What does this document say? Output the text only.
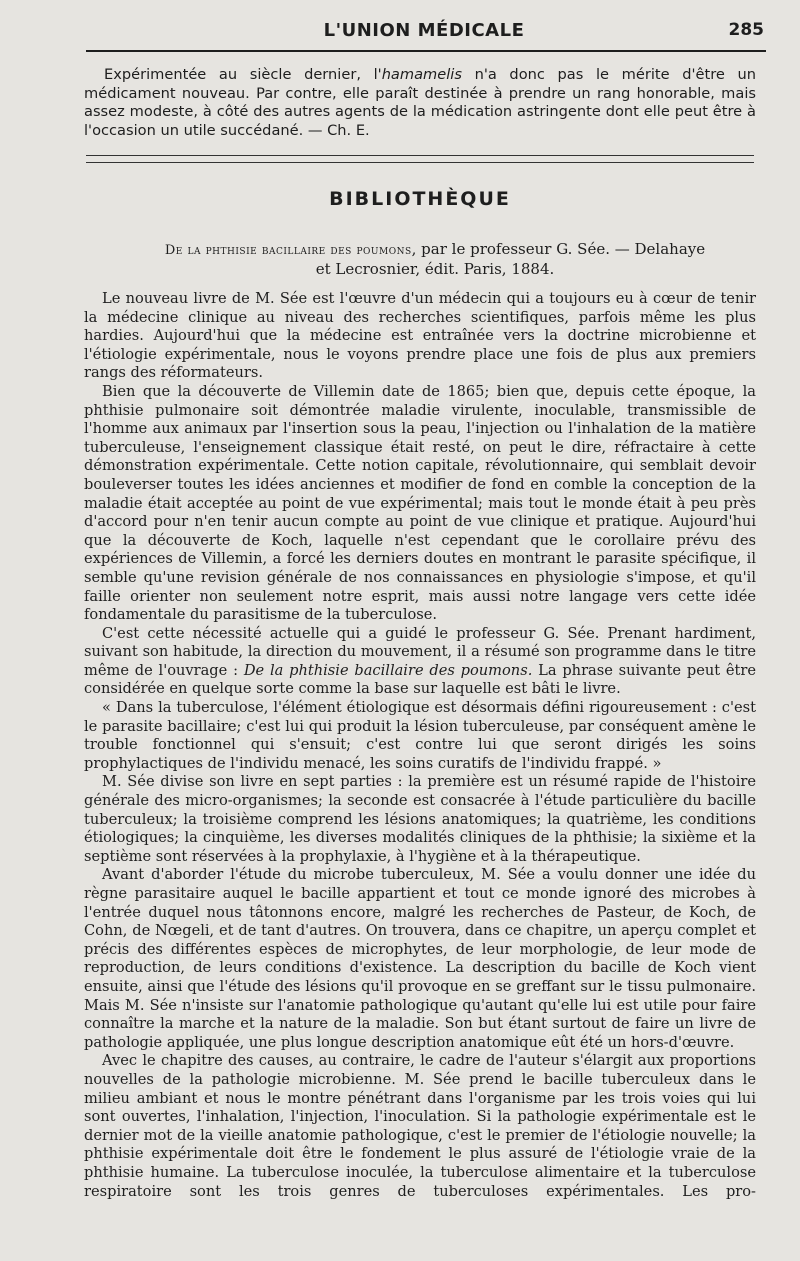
L'UNION MÉDICALE	285

Expérimentée au siècle dernier, l'hamamelis n'a donc pas le mérite d'être un médicament nouveau. Par contre, elle paraît destinée à prendre un rang honorable, mais assez modeste, à côté des autres agents de la médication astringente dont elle peut être à l'occasion un utile succédané. — Ch. E.

BIBLIOTHÈQUE
De la phthisie bacillaire des poumons, par le professeur G. Sée. — Delahaye
et Lecrosnier, édit. Paris, 1884.

Le nouveau livre de M. Sée est l'œuvre d'un médecin qui a toujours eu à cœur de tenir la médecine clinique au niveau des recherches scientifiques, parfois même les plus hardies. Aujourd'hui que la médecine est entraînée vers la doctrine microbienne et l'étiologie expérimentale, nous le voyons prendre place une fois de plus aux premiers rangs des réformateurs.

Bien que la découverte de Villemin date de 1865; bien que, depuis cette époque, la phthisie pulmonaire soit démontrée maladie virulente, inoculable, transmissible de l'homme aux animaux par l'insertion sous la peau, l'injection ou l'inhalation de la matière tuberculeuse, l'enseignement classique était resté, on peut le dire, réfractaire à cette démonstration expérimentale. Cette notion capitale, révolutionnaire, qui semblait devoir bouleverser toutes les idées anciennes et modifier de fond en comble la conception de la maladie était acceptée au point de vue expérimental; mais tout le monde était à peu près d'accord pour n'en tenir aucun compte au point de vue clinique et pratique. Aujourd'hui que la découverte de Koch, laquelle n'est cependant que le corollaire prévu des expériences de Villemin, a forcé les derniers doutes en montrant le parasite spécifique, il semble qu'une revision générale de nos connaissances en physiologie s'impose, et qu'il faille orienter non seulement notre esprit, mais aussi notre langage vers cette idée fondamentale du parasitisme de la tuberculose.

C'est cette nécessité actuelle qui a guidé le professeur G. Sée. Prenant hardiment, suivant son habitude, la direction du mouvement, il a résumé son programme dans le titre même de l'ouvrage : De la phthisie bacillaire des poumons. La phrase suivante peut être considérée en quelque sorte comme la base sur laquelle est bâti le livre.

« Dans la tuberculose, l'élément étiologique est désormais défini rigoureusement : c'est le parasite bacillaire; c'est lui qui produit la lésion tuberculeuse, par conséquent amène le trouble fonctionnel qui s'ensuit; c'est contre lui que seront dirigés les soins prophylactiques de l'individu menacé, les soins curatifs de l'individu frappé. »

M. Sée divise son livre en sept parties : la première est un résumé rapide de l'histoire générale des micro-organismes; la seconde est consacrée à l'étude particulière du bacille tuberculeux; la troisième comprend les lésions anatomiques; la quatrième, les conditions étiologiques; la cinquième, les diverses modalités cliniques de la phthisie; la sixième et la septième sont réservées à la prophylaxie, à l'hygiène et à la thérapeutique.

Avant d'aborder l'étude du microbe tuberculeux, M. Sée a voulu donner une idée du règne parasitaire auquel le bacille appartient et tout ce monde ignoré des microbes à l'entrée duquel nous tâtonnons encore, malgré les recherches de Pasteur, de Koch, de Cohn, de Nœgeli, et de tant d'autres. On trouvera, dans ce chapitre, un aperçu complet et précis des différentes espèces de microphytes, de leur morphologie, de leur mode de reproduction, de leurs conditions d'existence. La description du bacille de Koch vient ensuite, ainsi que l'étude des lésions qu'il provoque en se greffant sur le tissu pulmonaire. Mais M. Sée n'insiste sur l'anatomie pathologique qu'autant qu'elle lui est utile pour faire connaître la marche et la nature de la maladie. Son but étant surtout de faire un livre de pathologie appliquée, une plus longue description anatomique eût été un hors-d'œuvre.

Avec le chapitre des causes, au contraire, le cadre de l'auteur s'élargit aux proportions nouvelles de la pathologie microbienne. M. Sée prend le bacille tuberculeux dans le milieu ambiant et nous le montre pénétrant dans l'organisme par les trois voies qui lui sont ouvertes, l'inhalation, l'injection, l'inoculation. Si la pathologie expérimentale est le dernier mot de la vieille anatomie pathologique, c'est le premier de l'étiologie nouvelle; la phthisie expérimentale doit être le fondement le plus assuré de l'étiologie vraie de la phthisie humaine. La tuberculose inoculée, la tuberculose alimentaire et la tuberculose respiratoire sont les trois genres de tuberculoses expérimentales. Les pro-
